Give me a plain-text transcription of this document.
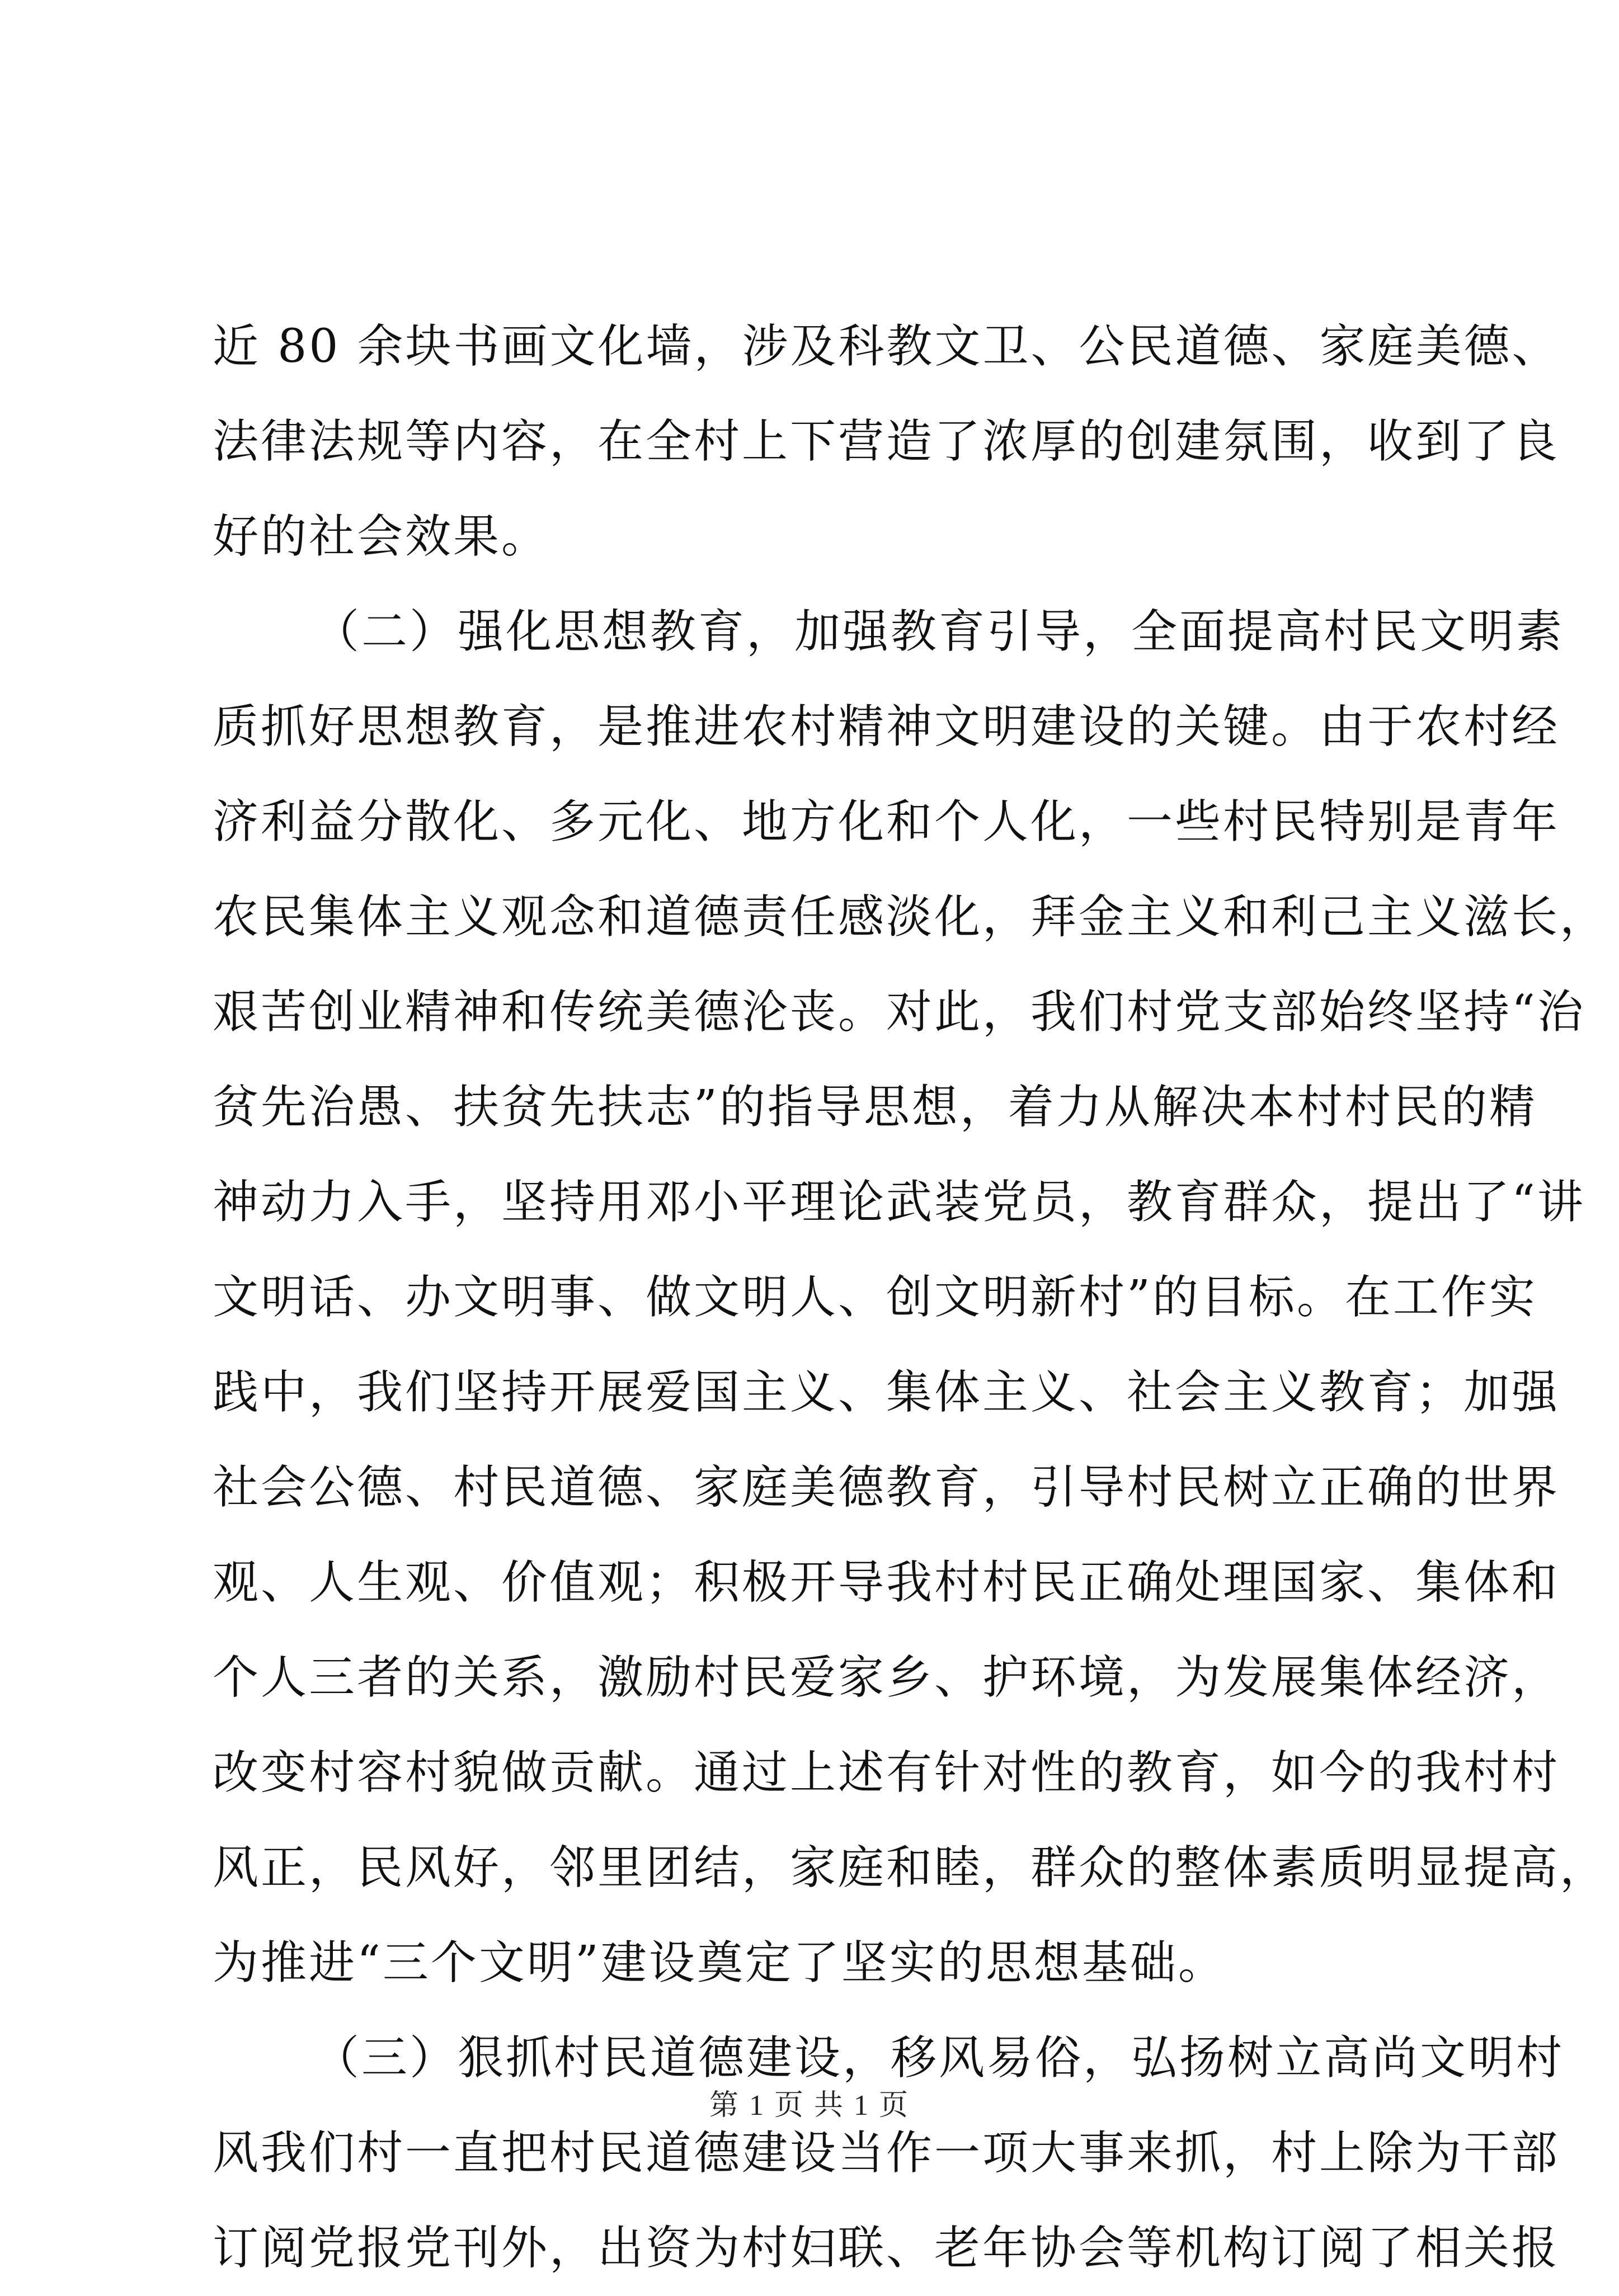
近 80 余块书画文化墙，涉及科教文卫、公民道德、家庭美德、
法律法规等内容，在全村上下营造了浓厚的创建氛围，收到了良
好的社会效果。
（二）强化思想教育，加强教育引导，全面提高村民文明素
质抓好思想教育，是推进农村精神文明建设的关键。由于农村经
济利益分散化、多元化、地方化和个人化，一些村民特别是青年
农民集体主义观念和道德责任感淡化，拜金主义和利己主义滋长，
艰苦创业精神和传统美德沦丧。对此，我们村党支部始终坚持“治
贫先治愚、扶贫先扶志”的指导思想，着力从解决本村村民的精
神动力入手，坚持用邓小平理论武装党员，教育群众，提出了“讲
文明话、办文明事、做文明人、创文明新村”的目标。在工作实
践中，我们坚持开展爱国主义、集体主义、社会主义教育；加强
社会公德、村民道德、家庭美德教育，引导村民树立正确的世界
观、人生观、价值观；积极开导我村村民正确处理国家、集体和
个人三者的关系，激励村民爱家乡、护环境，为发展集体经济，
改变村容村貌做贡献。通过上述有针对性的教育，如今的我村村
风正，民风好，邻里团结，家庭和睦，群众的整体素质明显提高，
为推进“三个文明”建设奠定了坚实的思想基础。
（三）狠抓村民道德建设，移风易俗，弘扬树立高尚文明村
风我们村一直把村民道德建设当作一项大事来抓，村上除为干部
订阅党报党刊外，出资为村妇联、老年协会等机构订阅了相关报
第 1 页 共 1 页
